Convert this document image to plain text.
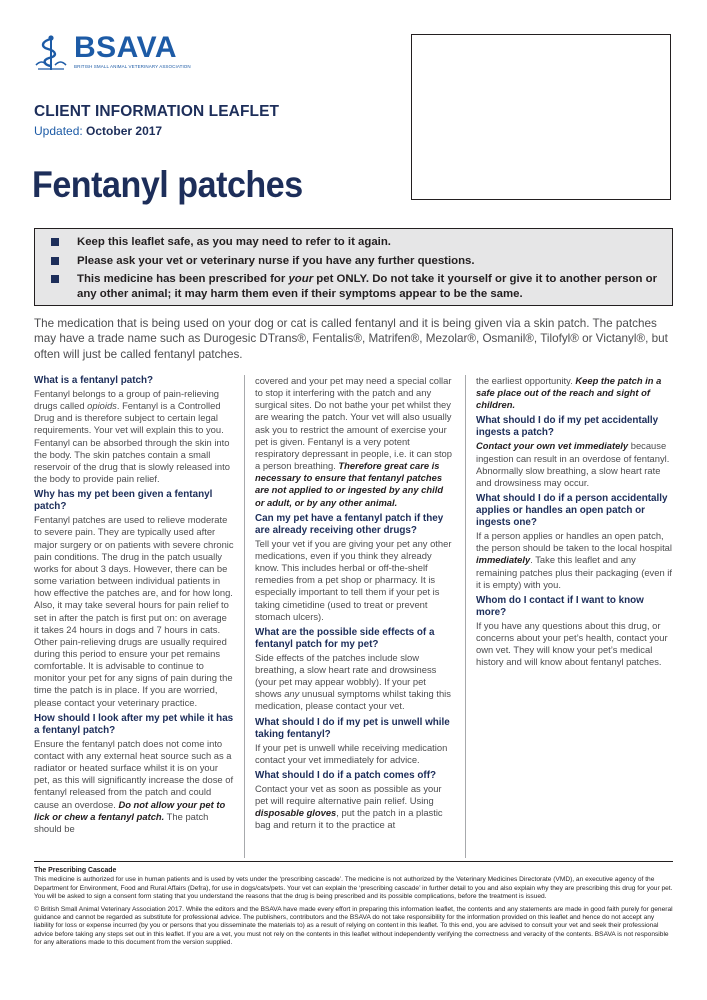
BSAVA
BRITISH SMALL ANIMAL VETERINARY ASSOCIATION
CLIENT INFORMATION LEAFLET
Updated: October 2017
Fentanyl patches
Keep this leaflet safe, as you may need to refer to it again.
Please ask your vet or veterinary nurse if you have any further questions.
This medicine has been prescribed for your pet ONLY. Do not take it yourself or give it to another person or any other animal; it may harm them even if their symptoms appear to be the same.

The medication that is being used on your dog or cat is called fentanyl and it is being given via a skin patch. The patches may have a trade name such as Durogesic DTrans®, Fentalis®, Matrifen®, Mezolar®, Osmanil®, Tilofyl® or Victanyl®, but often will just be called fentanyl patches.

What is a fentanyl patch?

Fentanyl belongs to a group of pain-relieving drugs called opioids. Fentanyl is a Controlled Drug and is therefore subject to certain legal requirements. Your vet will explain this to you. Fentanyl can be absorbed through the skin into the body. The skin patches contain a small reservoir of the drug that is slowly released into the body to provide pain relief.

Why has my pet been given a fentanyl patch?

Fentanyl patches are used to relieve moderate to severe pain. They are typically used after major surgery or on patients with severe chronic pain conditions. The drug in the patch usually works for about 3 days. However, there can be some variation between individual patients in how effective the patches are, and for how long. Also, it may take several hours for pain relief to set in after the patch is first put on: on average it takes 24 hours in dogs and 7 hours in cats. Other pain-relieving drugs are usually required during this period to ensure your pet remains comfortable. It is advisable to continue to monitor your pet for any signs of pain during the time the patch is in place. If you are worried, please contact your veterinary practice.

How should I look after my pet while it has a fentanyl patch?

Ensure the fentanyl patch does not come into contact with any external heat source such as a radiator or heated surface whilst it is on your pet, as this will significantly increase the dose of fentanyl released from the patch and could cause an overdose. Do not allow your pet to lick or chew a fentanyl patch. The patch should be

covered and your pet may need a special collar to stop it interfering with the patch and any surgical sites. Do not bathe your pet whilst they are wearing the patch. Your vet will also usually ask you to restrict the amount of exercise your pet is given. Fentanyl is a very potent respiratory depressant in people, i.e. it can stop a person breathing. Therefore great care is necessary to ensure that fentanyl patches are not applied to or ingested by any child or adult, or by any other animal.

Can my pet have a fentanyl patch if they are already receiving other drugs?

Tell your vet if you are giving your pet any other medications, even if you think they already know. This includes herbal or off-the-shelf remedies from a pet shop or pharmacy. It is especially important to tell them if your pet is taking cimetidine (used to treat or prevent stomach ulcers).

What are the possible side effects of a fentanyl patch for my pet?

Side effects of the patches include slow breathing, a slow heart rate and drowsiness (your pet may appear wobbly). If your pet shows any unusual symptoms whilst taking this medication, please contact your vet.

What should I do if my pet is unwell while taking fentanyl?

If your pet is unwell while receiving medication contact your vet immediately for advice.

What should I do if a patch comes off?

Contact your vet as soon as possible as your pet will require alternative pain relief. Using disposable gloves, put the patch in a plastic bag and return it to the practice at

the earliest opportunity. Keep the patch in a safe place out of the reach and sight of children.

What should I do if my pet accidentally ingests a patch?

Contact your own vet immediately because ingestion can result in an overdose of fentanyl. Abnormally slow breathing, a slow heart rate and drowsiness may occur.

What should I do if a person accidentally applies or handles an open patch or ingests one?

If a person applies or handles an open patch, the person should be taken to the local hospital immediately. Take this leaflet and any remaining patches plus their packaging (even if it is empty) with you.

Whom do I contact if I want to know more?

If you have any questions about this drug, or concerns about your pet’s health, contact your own vet. They will know your pet’s medical history and will know about fentanyl patches.

The Prescribing Cascade

This medicine is authorized for use in human patients and is used by vets under the ‘prescribing cascade’. The medicine is not authorized by the Veterinary Medicines Directorate (VMD), an executive agency of the Department for Environment, Food and Rural Affairs (Defra), for use in dogs/cats/pets. Your vet can explain the ‘prescribing cascade’ in further detail to you and also explain why they are prescribing this drug for your pet. You will be asked to sign a consent form stating that you understand the reasons that the drug is being prescribed and its possible complications, before the treatment is issued.

© British Small Animal Veterinary Association 2017. While the editors and the BSAVA have made every effort in preparing this information leaflet, the contents and any statements are made in good faith purely for general guidance and cannot be regarded as substitute for professional advice. The publishers, contributors and the BSAVA do not take responsibility for the information provided on this leaflet and hence do not accept any liability for loss or expense incurred (by you or persons that you disseminate the materials to) as a result of relying on content in this leaflet. To this end, you are advised to consult your vet and seek their professional advice before taking any steps set out in this leaflet. If you are a vet, you must not rely on the contents in this leaflet without independently verifying the correctness and veracity of the contents. BSAVA is not responsible for any alterations made to this document from the version supplied.
